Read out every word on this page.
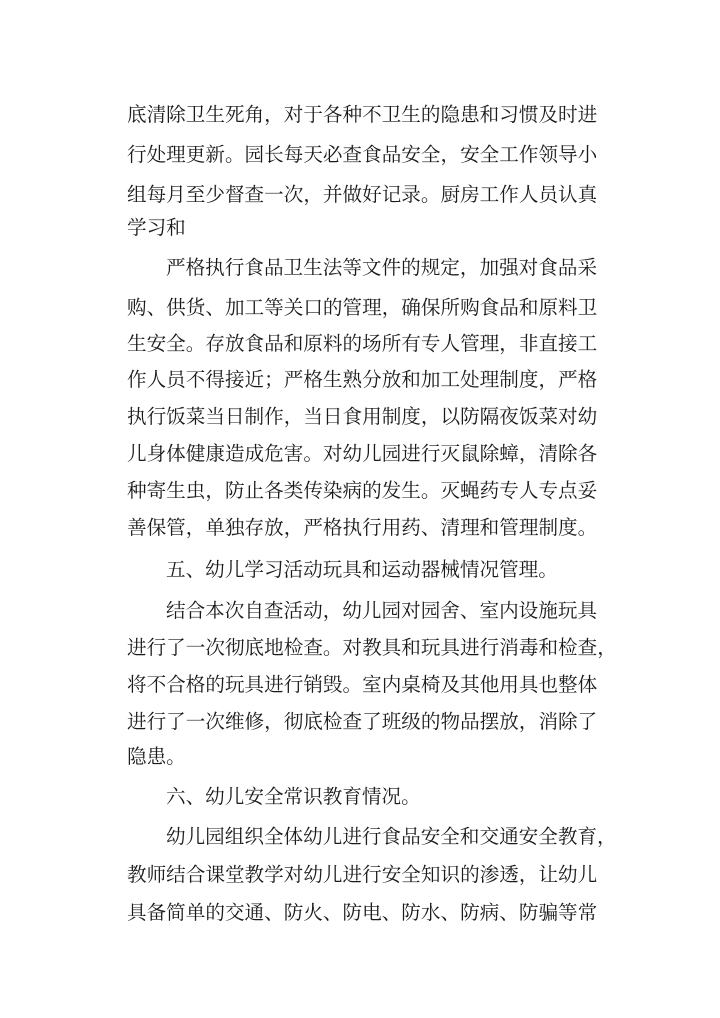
底清除卫生死角，对于各种不卫生的隐患和习惯及时进
行处理更新。园长每天必查食品安全，安全工作领导小
组每月至少督查一次，并做好记录。厨房工作人员认真
学习和
严格执行食品卫生法等文件的规定，加强对食品采
购、供货、加工等关口的管理，确保所购食品和原料卫
生安全。存放食品和原料的场所有专人管理，非直接工
作人员不得接近；严格生熟分放和加工处理制度，严格
执行饭菜当日制作，当日食用制度，以防隔夜饭菜对幼
儿身体健康造成危害。对幼儿园进行灭鼠除蟑，清除各
种寄生虫，防止各类传染病的发生。灭蝇药专人专点妥
善保管，单独存放，严格执行用药、清理和管理制度。
五、幼儿学习活动玩具和运动器械情况管理。
结合本次自查活动，幼儿园对园舍、室内设施玩具
进行了一次彻底地检查。对教具和玩具进行消毒和检查，
将不合格的玩具进行销毁。室内桌椅及其他用具也整体
进行了一次维修，彻底检查了班级的物品摆放，消除了
隐患。
六、幼儿安全常识教育情况。
幼儿园组织全体幼儿进行食品安全和交通安全教育，
教师结合课堂教学对幼儿进行安全知识的渗透，让幼儿
具备简单的交通、防火、防电、防水、防病、防骗等常
